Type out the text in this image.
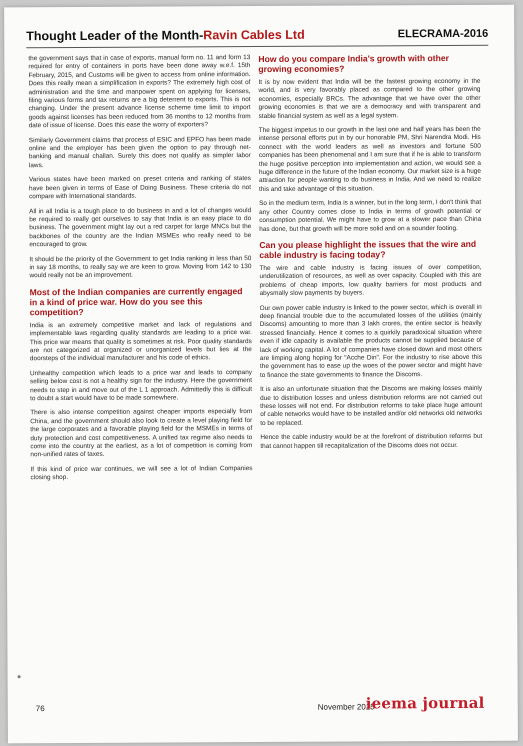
Thought Leader of the Month-Ravin Cables Ltd	ELECRAMA-2016

the government says that in case of exports, manual form no. 11 and form 13 required for entry of containers in ports have been done away w.e.f. 15th February, 2015, and Customs will be given to access from online information. Does this really mean a simplification in exports? The extremely high cost of administration and the time and manpower spent on applying for licenses, filing various forms and tax returns are a big deterrent to exports. This is not changing. Under the present advance license scheme time limit to import goods against licenses has been reduced from 36 months to 12 months from date of issue of license. Does this ease the worry of exporters?

Similarly Government claims that process of ESIC and EPFO has been made online and the employer has been given the option to pay through net-banking and manual challan. Surely this does not qualify as simpler labor laws.

Various states have been marked on preset criteria and ranking of states have been given in terms of Ease of Doing Business. These criteria do not compare with International standards.

All in all India is a tough place to do business in and a lot of changes would be required to really get ourselves to say that India is an easy place to do business. The government might lay out a red carpet for large MNCs but the backbones of the country are the Indian MSMEs who really need to be encouraged to grow.

It should be the priority of the Government to get India ranking in less than 50 in say 18 months, to really say we are keen to grow. Moving from 142 to 130 would really not be an improvement.

Most of the Indian companies are currently engaged in a kind of price war. How do you see this competition?

India is an extremely competitive market and lack of regulations and implementable laws regarding quality standards are leading to a price war. This price war means that quality is sometimes at risk. Poor quality standards are not categorized at organized or unorganized levels but lies at the doorsteps of the individual manufacturer and his code of ethics.

Unhealthy competition which leads to a price war and leads to company selling below cost is not a healthy sign for the industry. Here the government needs to step in and move out of the L 1 approach. Admittedly this is difficult to doubt a start would have to be made somewhere.

There is also intense competition against cheaper imports especially from China, and the government should also look to create a level playing field for the large corporates and a favorable playing field for the MSMEs in terms of duty protection and cost competitiveness. A unified tax regime also needs to come into the country at the earliest, as a lot of competition is coming from non-unified rates of taxes.

If this kind of price war continues, we will see a lot of Indian Companies closing shop.

How do you compare India's growth with other growing economies?

It is by now evident that India will be the fastest growing economy in the world, and is very favorably placed as compared to the other growing economies, especially BRCs. The advantage that we have over the other growing economies is that we are a democracy and with transparent and stable financial system as well as a legal system.

The biggest impetus to our growth in the last one and half years has been the intense personal efforts put in by our honorable PM, Shri Narendra Modi. His connect with the world leaders as well as investors and fortune 500 companies has been phenomenal and I am sure that if he is able to transform the huge positive perception into implementation and action, we would see a huge difference in the future of the Indian economy. Our market size is a huge attraction for people wanting to do business in India. And we need to realize this and take advantage of this situation.

So in the medium term, India is a winner, but in the long term, I don't think that any other Country comes close to India in terms of growth potential or consumption potential. We might have to grow at a slower pace than China has done, but that growth will be more solid and on a sounder footing.

Can you please highlight the issues that the wire and cable industry is facing today?

The wire and cable industry is facing issues of over competition, underutilization of resources, as well as over capacity. Coupled with this are problems of cheap imports, low quality barriers for most products and abysmally slow payments by buyers.

Our own power cable industry is linked to the power sector, which is overall in deep financial trouble due to the accumulated losses of the utilities (mainly Discoms) amounting to more than 3 lakh crores, the entire sector is heavily stressed financially. Hence it comes to a quirkily paradoxical situation where even if idle capacity is available the products cannot be supplied because of lack of working capital. A lot of companies have closed down and most others are limping along hoping for "Acche Din". For the industry to rise above this the government has to ease up the woes of the power sector and might have to finance the state governments to finance the Discoms.

It is also an unfortunate situation that the Discoms are making losses mainly due to distribution losses and unless distribution reforms are not carried out these losses will not end. For distribution reforms to take place huge amount of cable networks would have to be installed and/or old networks old networks to be replaced.

Hence the cable industry would be at the forefront of distribution reforms but that cannot happen till recapitalization of the Discoms does not occur.

76	November 2015
ieema journal
